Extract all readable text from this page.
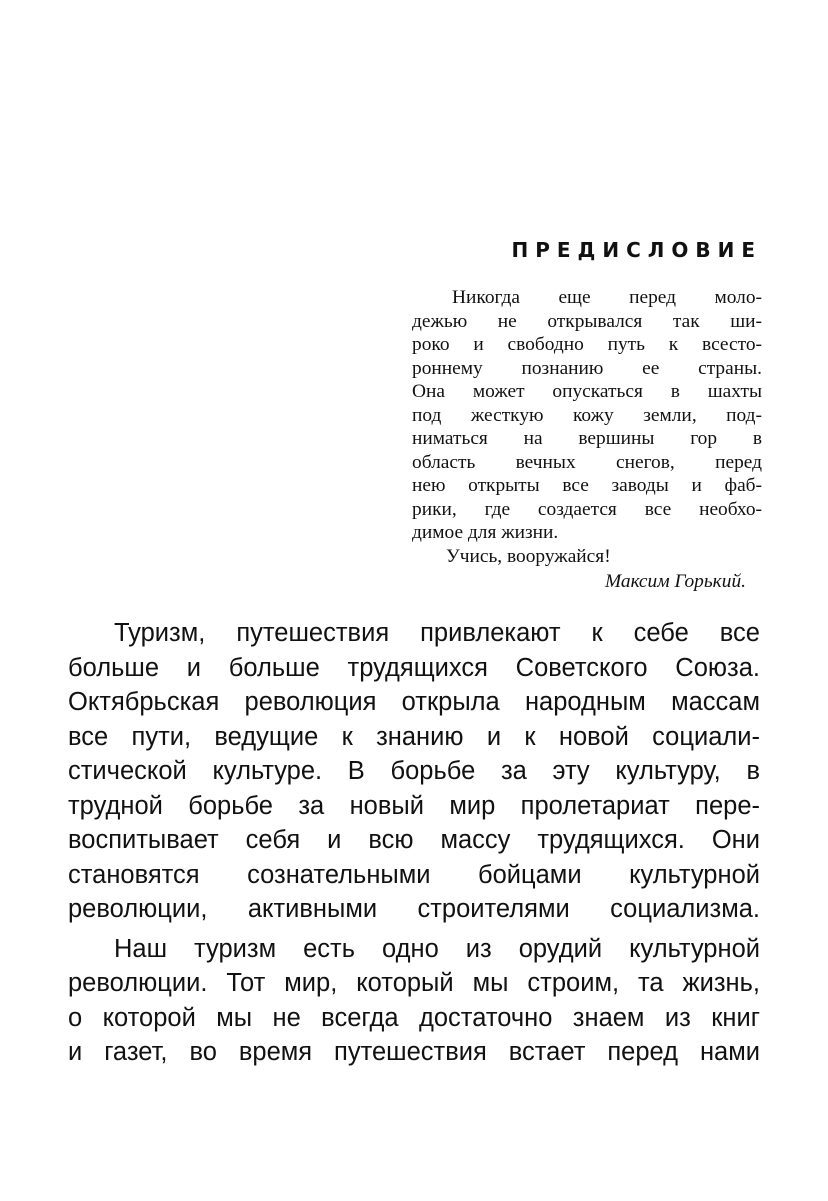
ПРЕДИСЛОВИЕ
Никогда еще перед моло-
дежью не открывался так ши-
роко и свободно путь к всесто-
роннему познанию ее страны.
Она может опускаться в шахты
под жесткую кожу земли, под-
ниматься на вершины гор в
область вечных снегов, перед
нею открыты все заводы и фаб-
рики, где создается все необхо-
димое для жизни.
Учись, вооружайся!
Максим Горький.
Туризм, путешествия привлекают к себе все
больше и больше трудящихся Советского Союза.
Октябрьская революция открыла народным массам
все пути, ведущие к знанию и к новой социали-
стической культуре. В борьбе за эту культуру, в
трудной борьбе за новый мир пролетариат пере-
воспитывает себя и всю массу трудящихся. Они
становятся сознательными бойцами культурной
революции, активными строителями социализма.
Наш туризм есть одно из орудий культурной
революции. Тот мир, который мы строим, та жизнь,
о которой мы не всегда достаточно знаем из книг
и газет, во время путешествия встает перед нами
